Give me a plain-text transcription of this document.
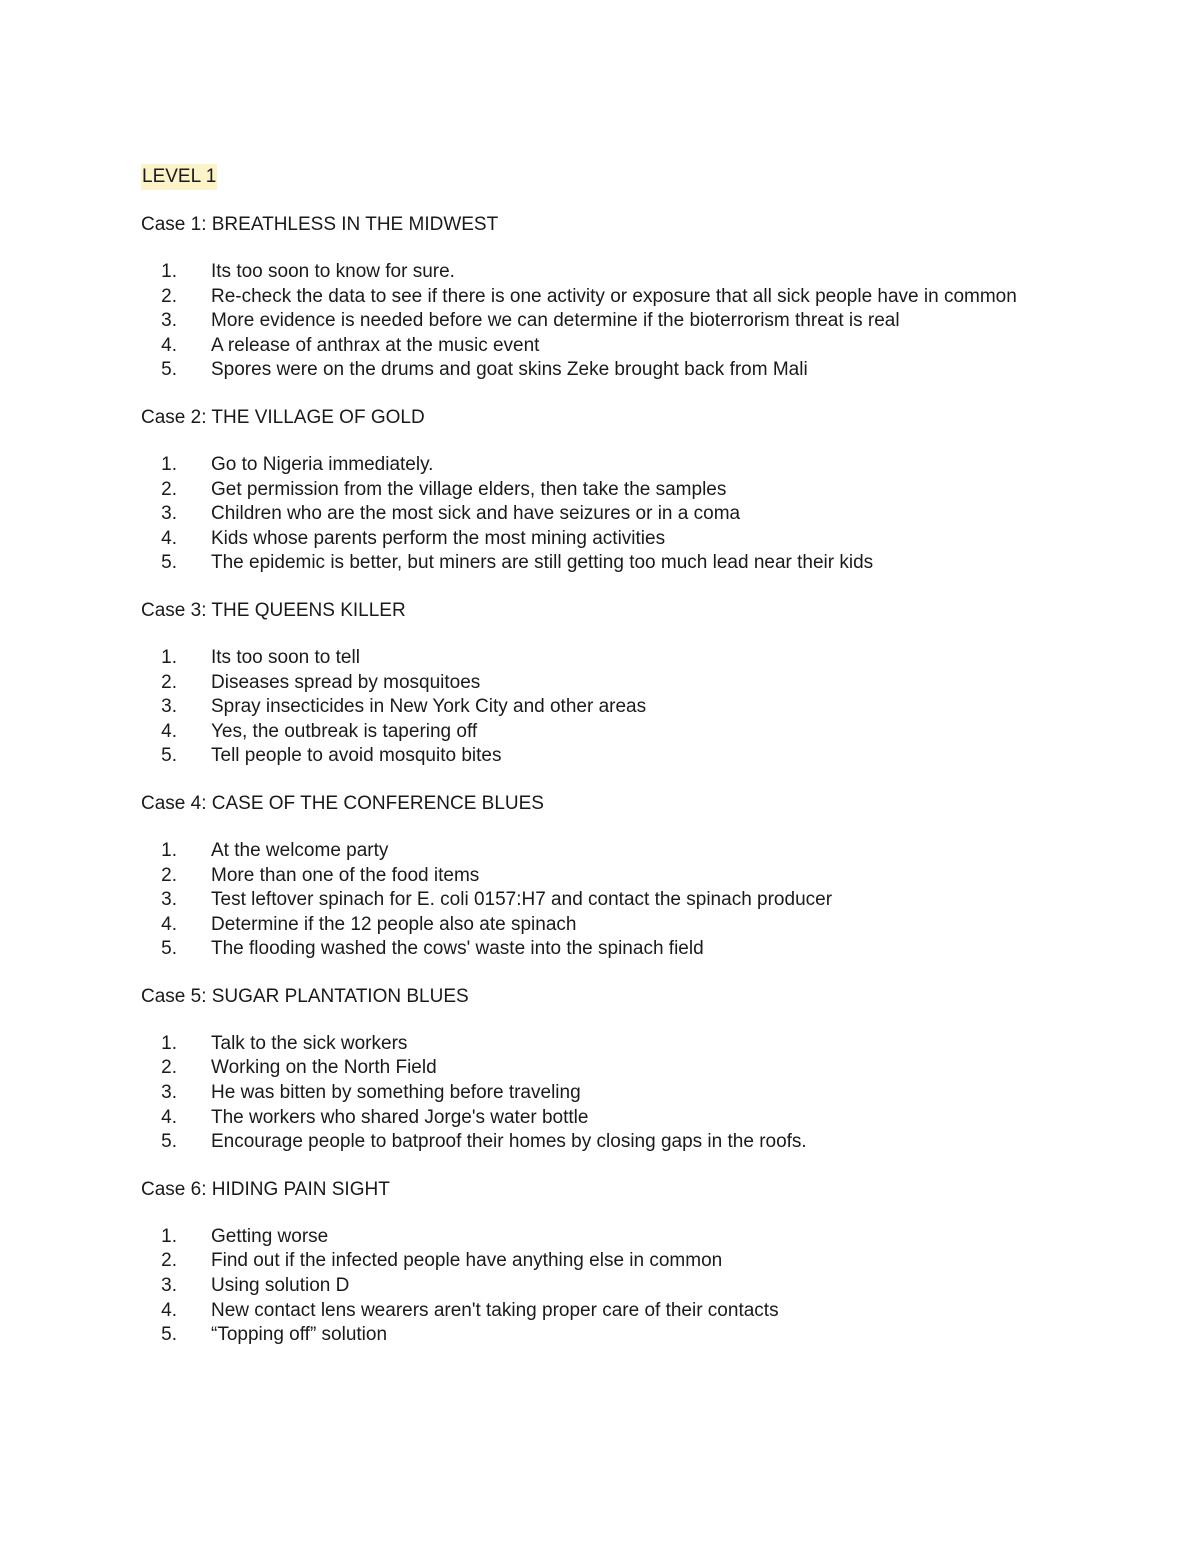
LEVEL 1
Case 1: BREATHLESS IN THE MIDWEST
1.	Its too soon to know for sure.
2.	Re-check the data to see if there is one activity or exposure that all sick people have in common
3.	More evidence is needed before we can determine if the bioterrorism threat is real
4.	A release of anthrax at the music event
5.	Spores were on the drums and goat skins Zeke brought back from Mali
Case 2: THE VILLAGE OF GOLD
1.	Go to Nigeria immediately.
2.	Get permission from the village elders, then take the samples
3.	Children who are the most sick and have seizures or in a coma
4.	Kids whose parents perform the most mining activities
5.	The epidemic is better, but miners are still getting too much lead near their kids
Case 3: THE QUEENS KILLER
1.	Its too soon to tell
2.	Diseases spread by mosquitoes
3.	Spray insecticides in New York City and other areas
4.	Yes, the outbreak is tapering off
5.	Tell people to avoid mosquito bites
Case 4: CASE OF THE CONFERENCE BLUES
1.	At the welcome party
2.	More than one of the food items
3.	Test leftover spinach for E. coli 0157:H7 and contact the spinach producer
4.	Determine if the 12 people also ate spinach
5.	The flooding washed the cows' waste into the spinach field
Case 5: SUGAR PLANTATION BLUES
1.	Talk to the sick workers
2.	Working on the North Field
3.	He was bitten by something before traveling
4.	The workers who shared Jorge's water bottle
5.	Encourage people to batproof their homes by closing gaps in the roofs.
Case 6: HIDING PAIN SIGHT
1.	Getting worse
2.	Find out if the infected people have anything else in common
3.	Using solution D
4.	New contact lens wearers aren't taking proper care of their contacts
5.	“Topping off” solution
